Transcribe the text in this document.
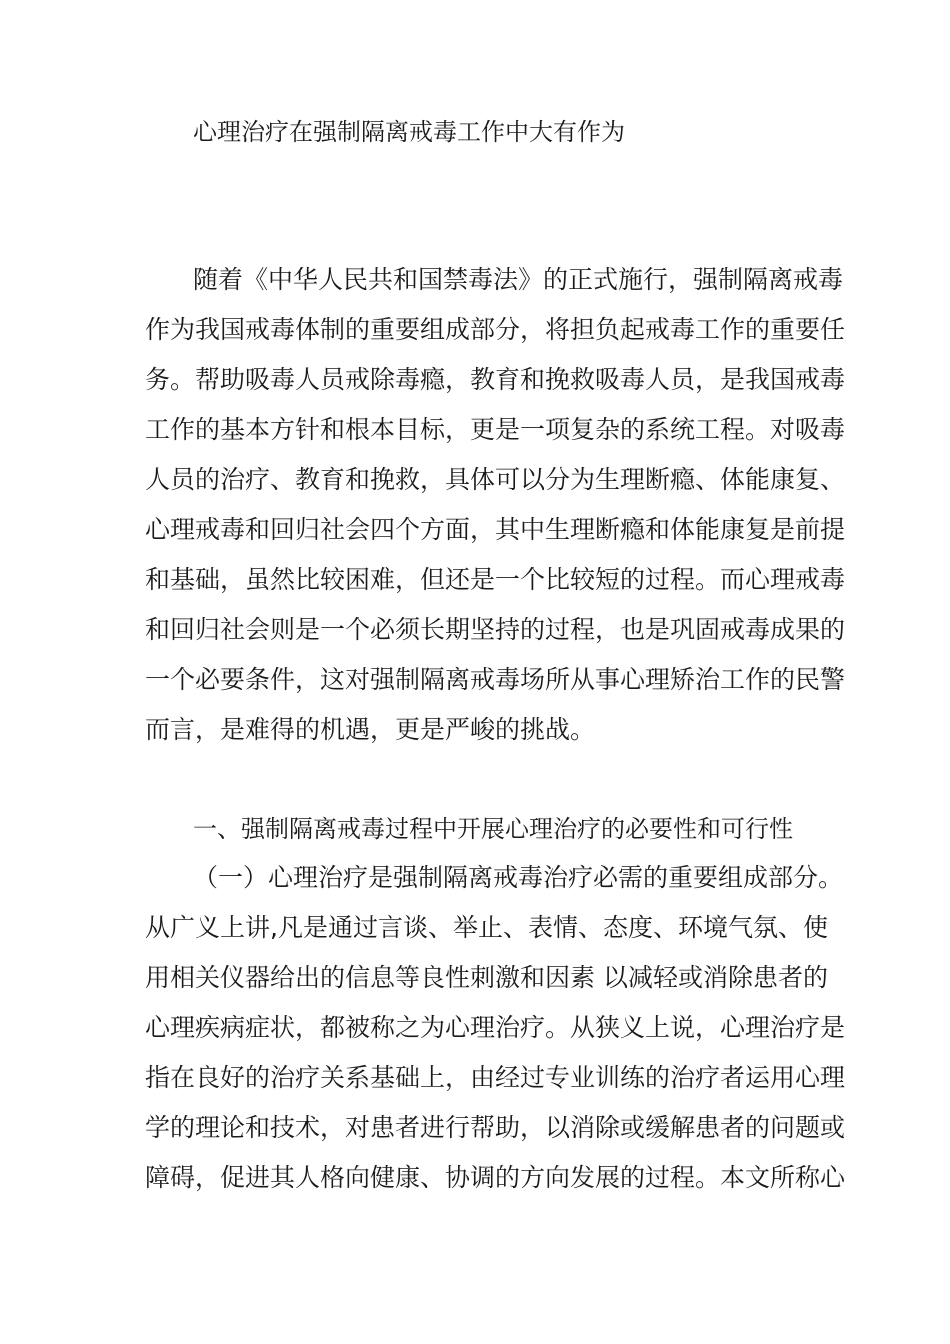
心理治疗在强制隔离戒毒工作中大有作为
随着《中华人民共和国禁毒法》的正式施行，强制隔离戒毒
作为我国戒毒体制的重要组成部分，将担负起戒毒工作的重要任
务。帮助吸毒人员戒除毒瘾，教育和挽救吸毒人员，是我国戒毒
工作的基本方针和根本目标，更是一项复杂的系统工程。对吸毒
人员的治疗、教育和挽救，具体可以分为生理断瘾、体能康复、
心理戒毒和回归社会四个方面，其中生理断瘾和体能康复是前提
和基础，虽然比较困难，但还是一个比较短的过程。而心理戒毒
和回归社会则是一个必须长期坚持的过程，也是巩固戒毒成果的
一个必要条件，这对强制隔离戒毒场所从事心理矫治工作的民警
而言，是难得的机遇，更是严峻的挑战。
一、强制隔离戒毒过程中开展心理治疗的必要性和可行性
（一）心理治疗是强制隔离戒毒治疗必需的重要组成部分。
从广义上讲,凡是通过言谈、举止、表情、态度、环境气氛、使
用相关仪器给出的信息等良性刺激和因素 以减轻或消除患者的
心理疾病症状，都被称之为心理治疗。从狭义上说，心理治疗是
指在良好的治疗关系基础上，由经过专业训练的治疗者运用心理
学的理论和技术，对患者进行帮助，以消除或缓解患者的问题或
障碍，促进其人格向健康、协调的方向发展的过程。本文所称心
